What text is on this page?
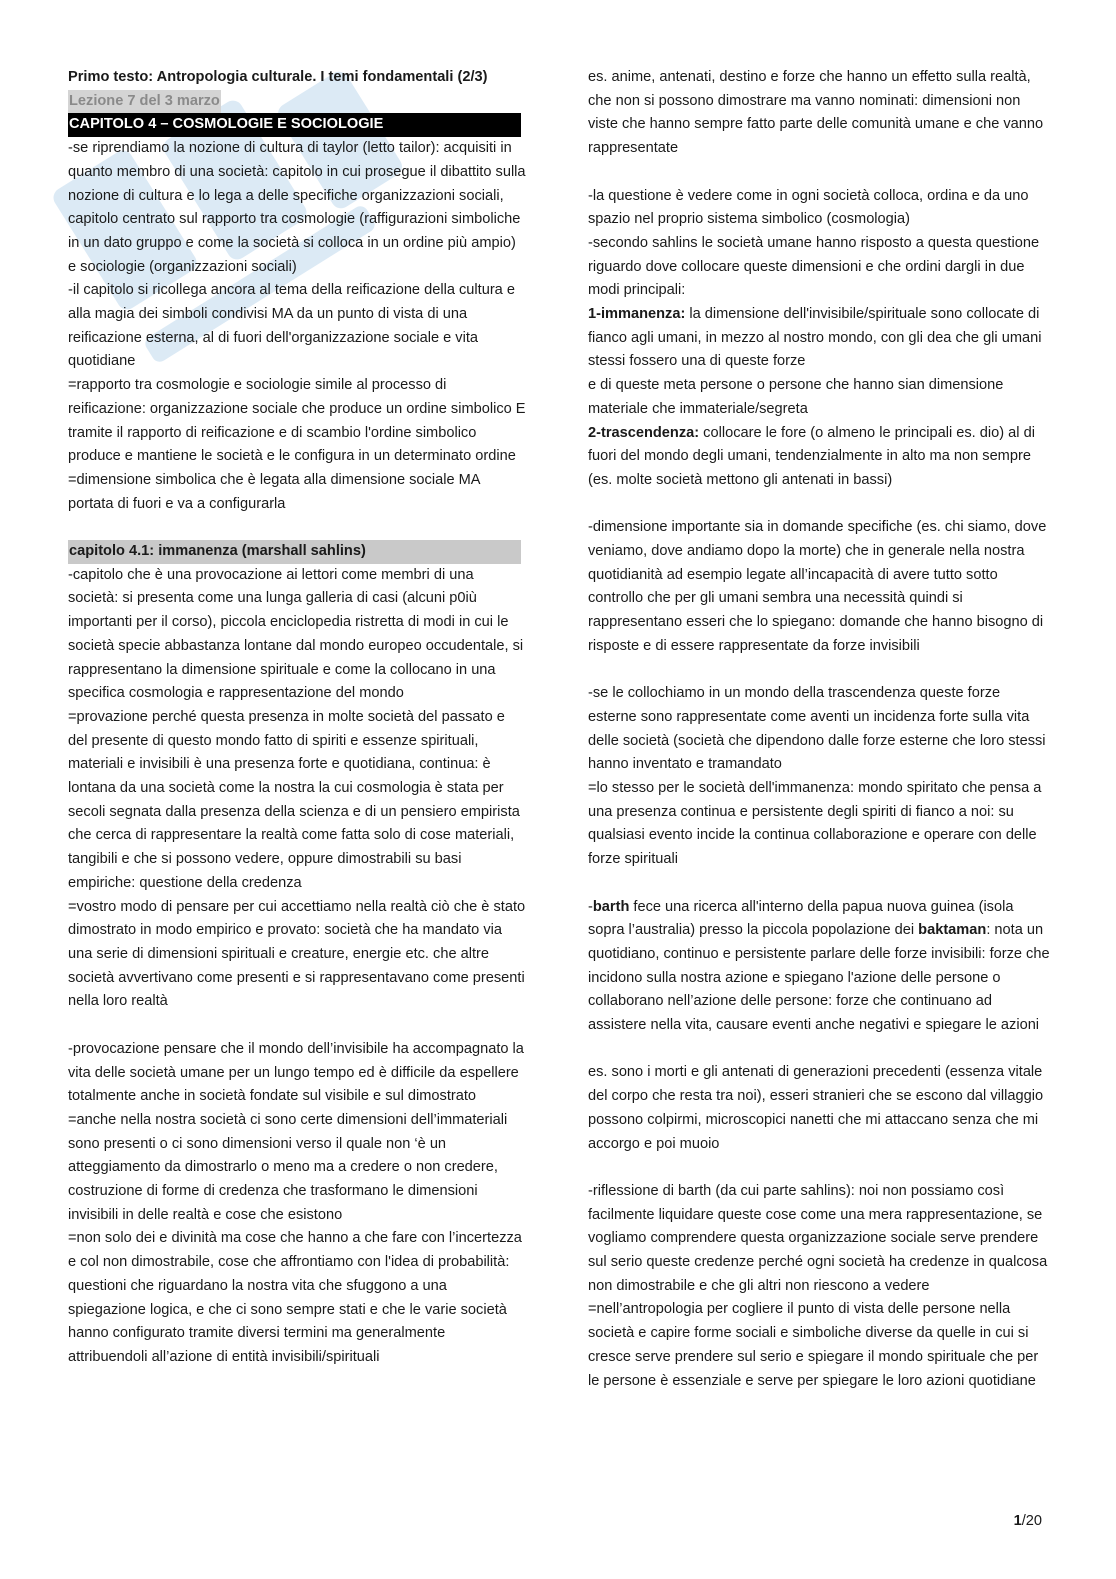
Primo testo: Antropologia culturale. I temi fondamentali (2/3)

Lezione 7 del 3 marzo

CAPITOLO 4 – COSMOLOGIE E SOCIOLOGIE

-se riprendiamo la nozione di cultura di taylor (letto tailor): acquisiti in quanto membro di una società: capitolo in cui prosegue il dibattito sulla nozione di cultura e lo lega a delle specifiche organizzazioni sociali, capitolo centrato sul rapporto tra cosmologie (raffigurazioni simboliche in un dato gruppo e come la società si colloca in un ordine più ampio) e sociologie (organizzazioni sociali)

-il capitolo si ricollega ancora al tema della reificazione della cultura e alla magia dei simboli condivisi MA da un punto di vista di una reificazione esterna, al di fuori dell'organizzazione sociale e vita quotidiane

=rapporto tra cosmologie e sociologie simile al processo di reificazione: organizzazione sociale che produce un ordine simbolico E tramite il rapporto di reificazione e di scambio l'ordine simbolico produce e mantiene le società e le configura in un determinato ordine

=dimensione simbolica che è legata alla dimensione sociale MA portata di fuori e va a configurarla

capitolo 4.1: immanenza (marshall sahlins)

-capitolo che è una provocazione ai lettori come membri di una società: si presenta come una lunga galleria di casi (alcuni p0iù importanti per il corso), piccola enciclopedia ristretta di modi in cui le società specie abbastanza lontane dal mondo europeo occudentale, si rappresentano la dimensione spirituale e come la collocano in una specifica cosmologia e rappresentazione del mondo

=provazione perché questa presenza in molte società del passato e del presente di questo mondo fatto di spiriti e essenze spirituali, materiali e invisibili è una presenza forte e quotidiana, continua: è lontana da una società come la nostra la cui cosmologia è stata per secoli segnata dalla presenza della scienza e di un pensiero empirista che cerca di rappresentare la realtà come fatta solo di cose materiali, tangibili e che si possono vedere, oppure dimostrabili su basi empiriche: questione della credenza

=vostro modo di pensare per cui accettiamo nella realtà ciò che è stato dimostrato in modo empirico e provato: società che ha mandato via una serie di dimensioni spirituali e creature, energie etc. che altre società avvertivano come presenti e si rappresentavano come presenti nella loro realtà

-provocazione pensare che il mondo dell’invisibile ha accompagnato la vita delle società umane per un lungo tempo ed è difficile da espellere totalmente anche in società fondate sul visibile e sul dimostrato

=anche nella nostra società ci sono certe dimensioni dell’immateriali sono presenti o ci sono dimensioni verso il quale non ‘è un atteggiamento da dimostrarlo o meno ma a credere o non credere, costruzione di forme di credenza che trasformano le dimensioni invisibili in delle realtà e cose che esistono

=non solo dei e divinità ma cose che hanno a che fare con l’incertezza e col non dimostrabile, cose che affrontiamo con l'idea di probabilità: questioni che riguardano la nostra vita che sfuggono a una spiegazione logica, e che ci sono sempre stati e che le varie società hanno configurato tramite diversi termini ma generalmente attribuendoli all’azione di entità invisibili/spirituali

es. anime, antenati, destino e forze che hanno un effetto sulla realtà, che non si possono dimostrare ma vanno nominati: dimensioni non viste che hanno sempre fatto parte delle comunità umane e che vanno rappresentate

-la questione è vedere come in ogni società colloca, ordina e da uno spazio nel proprio sistema simbolico (cosmologia)

-secondo sahlins le società umane hanno risposto a questa questione riguardo dove collocare queste dimensioni e che ordini dargli in due modi principali:

1-immanenza: la dimensione dell'invisibile/spirituale sono collocate di fianco agli umani, in mezzo al nostro mondo, con gli dea che gli umani stessi fossero una di queste forze

e di queste meta persone o persone che hanno sian dimensione materiale che immateriale/segreta

2-trascendenza: collocare le fore (o almeno le principali es. dio) al di fuori del mondo degli umani, tendenzialmente in alto ma non sempre (es. molte società mettono gli antenati in bassi)

-dimensione importante sia in domande specifiche (es. chi siamo, dove veniamo, dove andiamo dopo la morte) che in generale nella nostra quotidianità ad esempio legate all’incapacità di avere tutto sotto controllo che per gli umani sembra una necessità quindi si rappresentano esseri che lo spiegano: domande che hanno bisogno di risposte e di essere rappresentate da forze invisibili

-se le collochiamo in un mondo della trascendenza queste forze esterne sono rappresentate come aventi un incidenza forte sulla vita delle società (società che dipendono dalle forze esterne che loro stessi hanno inventato e tramandato

=lo stesso per le società dell'immanenza: mondo spiritato che pensa a una presenza continua e persistente degli spiriti di fianco a noi: su qualsiasi evento incide la continua collaborazione e operare con delle forze spirituali

-barth fece una ricerca all'interno della papua nuova guinea (isola sopra l’australia) presso la piccola popolazione dei baktaman: nota un quotidiano, continuo e persistente parlare delle forze invisibili: forze che incidono sulla nostra azione e spiegano l'azione delle persone o collaborano nell’azione delle persone: forze che continuano ad assistere nella vita, causare eventi anche negativi e spiegare le azioni

es. sono i morti e gli antenati di generazioni precedenti (essenza vitale del corpo che resta tra noi), esseri stranieri che se escono dal villaggio possono colpirmi, microscopici nanetti che mi attaccano senza che mi accorgo e poi muoio

-riflessione di barth (da cui parte sahlins): noi non possiamo così facilmente liquidare queste cose come una mera rappresentazione, se vogliamo comprendere questa organizzazione sociale serve prendere sul serio queste credenze perché ogni società ha credenze in qualcosa non dimostrabile e che gli altri non riescono a vedere

=nell’antropologia per cogliere il punto di vista delle persone nella società e capire forme sociali e simboliche diverse da quelle in cui si cresce serve prendere sul serio e spiegare il mondo spirituale che per le persone è essenziale e serve per spiegare le loro azioni quotidiane

1/20
